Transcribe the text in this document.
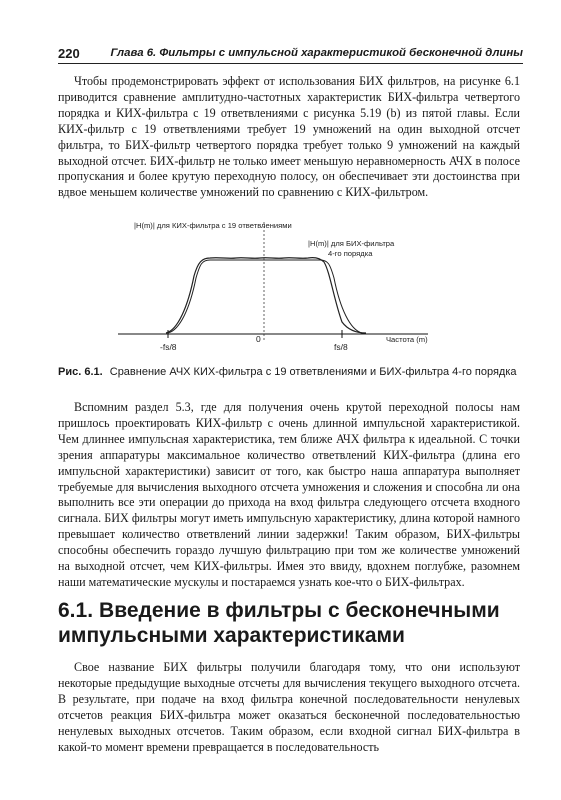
220	Глава 6. Фильтры с импульсной характеристикой бесконечной длины

Чтобы продемонстрировать эффект от использования БИХ фильтров, на рисунке 6.1 приводится сравнение амплитудно-частотных характеристик БИХ-фильтра четвертого порядка и КИХ-фильтра с 19 ответвлениями с рисунка 5.19 (b) из пятой главы. Если КИХ-фильтр с 19 ответвлениями требует 19 умножений на один выходной отсчет фильтра, то БИХ-фильтр четвертого порядка требует только 9 умножений на каждый выходной отсчет. БИХ-фильтр не только имеет меньшую неравномерность АЧХ в полосе пропускания и более крутую переходную полосу, он обеспечивает эти достоинства при вдвое меньшем количестве умножений по сравнению с КИХ-фильтром.

|H(m)| для КИХ-фильтра с 19 ответвлениями
|H(m)| для БИХ-фильтра
4-го порядка
-fs/8
0
fs/8
Частота (m)
Рис. 6.1. Сравнение АЧХ КИХ-фильтра с 19 ответвлениями и БИХ-фильтра 4-го порядка

Вспомним раздел 5.3, где для получения очень крутой переходной полосы нам пришлось проектировать КИХ-фильтр с очень длинной импульсной характеристикой. Чем длиннее импульсная характеристика, тем ближе АЧХ фильтра к идеальной. С точки зрения аппаратуры максимальное количество ответвлений КИХ-фильтра (длина его импульсной характеристики) зависит от того, как быстро наша аппаратура выполняет требуемые для вычисления выходного отсчета умножения и сложения и способна ли она выполнить все эти операции до прихода на вход фильтра следующего отсчета входного сигнала. БИХ фильтры могут иметь импульсную характеристику, длина которой намного превышает количество ответвлений линии задержки! Таким образом, БИХ-фильтры способны обеспечить гораздо лучшую фильтрацию при том же количестве умножений на выходной отсчет, чем КИХ-фильтры. Имея это ввиду, вдохнем поглубже, разомнем наши математические мускулы и постараемся узнать кое-что о БИХ-фильтрах.

6.1. Введение в фильтры с бесконечными импульсными характеристиками

Свое название БИХ фильтры получили благодаря тому, что они используют некоторые предыдущие выходные отсчеты для вычисления текущего выходного отсчета. В результате, при подаче на вход фильтра конечной последовательности ненулевых отсчетов реакция БИХ-фильтра может оказаться бесконечной последовательностью ненулевых выходных отсчетов. Таким образом, если входной сигнал БИХ-фильтра в какой-то момент времени превращается в последовательность
